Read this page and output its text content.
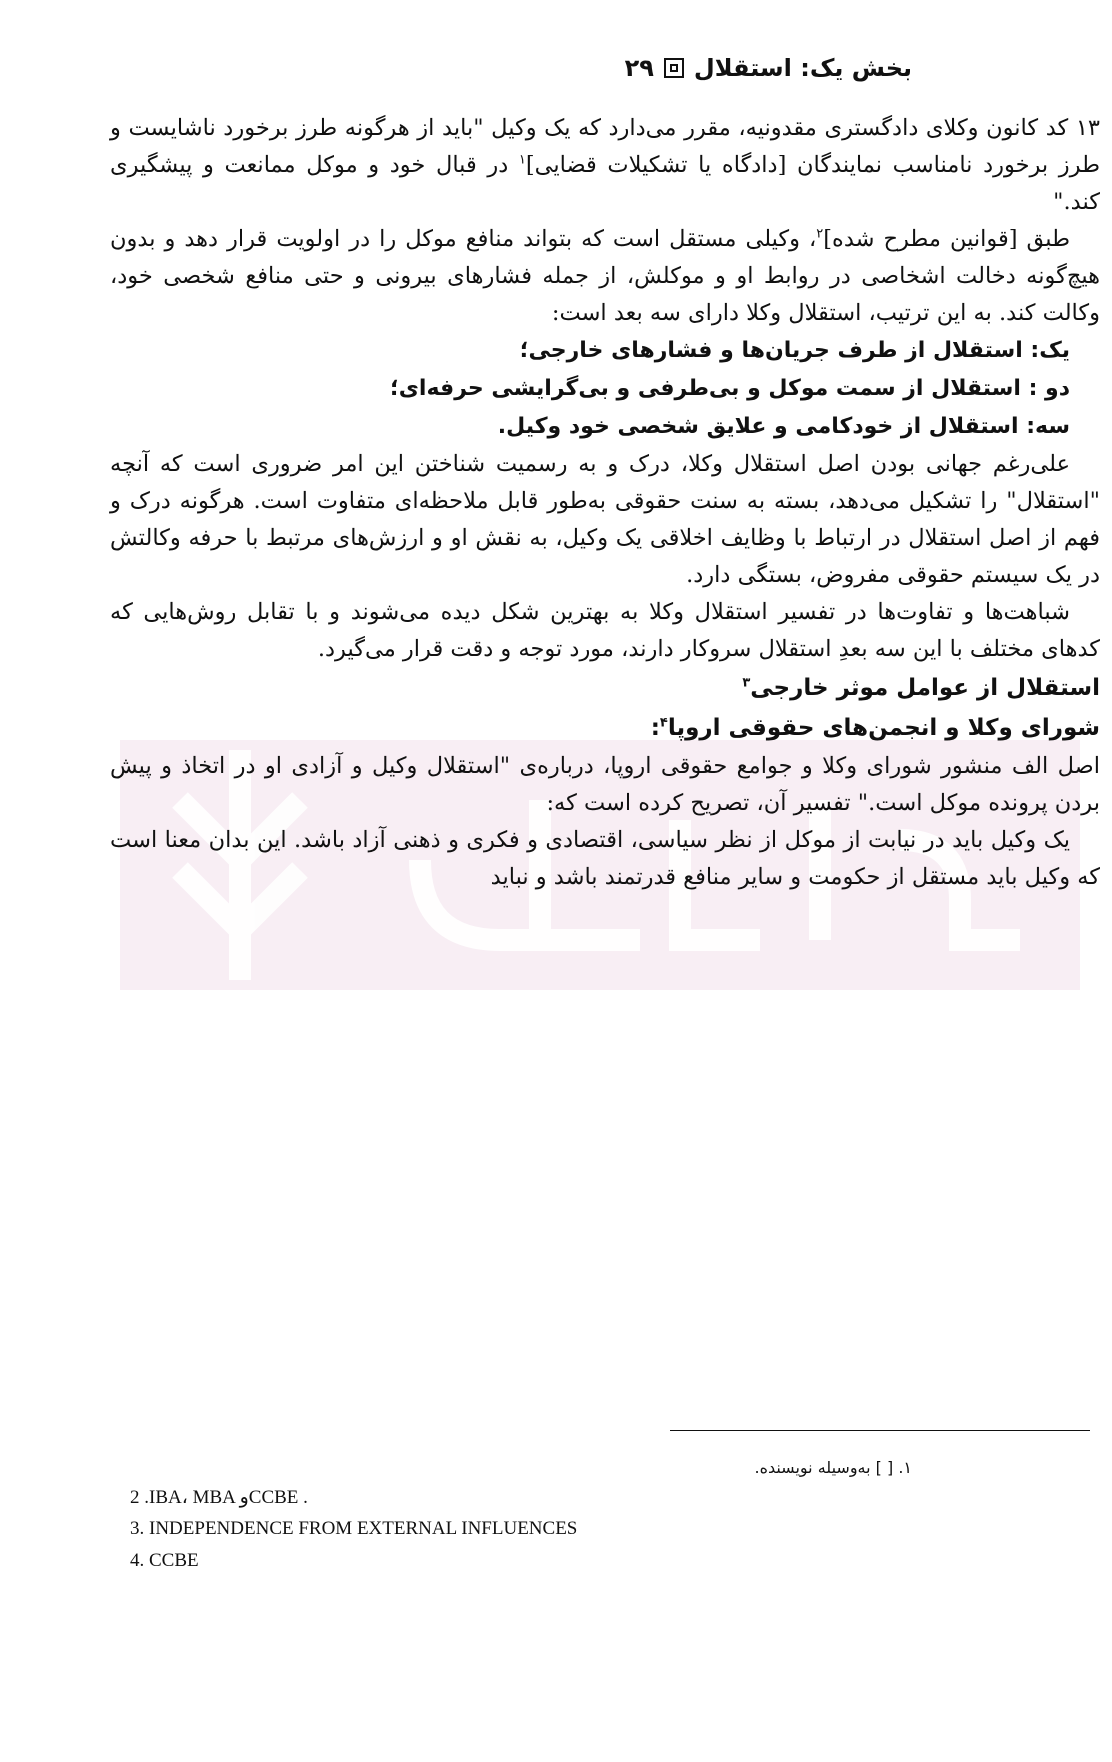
بخش یک: استقلال
۲۹

۱۳ کد کانون وکلای دادگستری مقدونیه، مقرر می‌دارد که یک وکیل "باید از هرگونه طرز برخورد ناشایست و طرز برخورد نامناسب نمایندگان [دادگاه یا تشکیلات قضایی]$^۱$ در قبال خود و موکل ممانعت و پیشگیری کند."

طبق [قوانین مطرح شده]$^۲$، وکیلی مستقل است که بتواند منافع موکل را در اولویت قرار دهد و بدون هیچ‌گونه دخالت اشخاصی در روابط او و موکلش، از جمله فشارهای بیرونی و حتی منافع شخصی خود، وکالت کند. به این ترتیب، استقلال وکلا دارای سه بعد است:

یک: استقلال از طرف جریان‌ها و فشارهای خارجی؛

دو : استقلال از سمت موکل و بی‌طرفی و بی‌گرایشی حرفه‌ای؛

سه: استقلال از خودکامی و علایق شخصی خود وکیل.

علی‌رغم جهانی بودن اصل استقلال وکلا، درک و به رسمیت شناختن این امر ضروری است که آنچه "استقلال" را تشکیل می‌دهد، بسته به سنت حقوقی به‌طور قابل ملاحظه‌ای متفاوت است. هرگونه درک و فهم از اصل استقلال در ارتباط با وظایف اخلاقی یک وکیل، به نقش او و ارزش‌های مرتبط با حرفه وکالتش در یک سیستم حقوقی مفروض، بستگی دارد.

شباهت‌ها و تفاوت‌ها در تفسیر استقلال وکلا به بهترین شکل دیده می‌شوند و با تقابل روش‌هایی که کدهای مختلف با این سه بعدِ استقلال سروکار دارند، مورد توجه و دقت قرار می‌گیرد.

استقلال از عوامل موثر خارجی$^۳$

شورای وکلا و انجمن‌های حقوقی اروپا$^۴$:

اصل الف منشور شورای وکلا و جوامع حقوقی اروپا، درباره‌ی "استقلال وکیل و آزادی او در اتخاذ و پیش بردن پرونده موکل است." تفسیر آن، تصریح کرده است که:

یک وکیل باید در نیابت از موکل از نظر سیاسی، اقتصادی و فکری و ذهنی آزاد باشد. این بدان معنا است که وکیل باید مستقل از حکومت و سایر منافع قدرتمند باشد و نباید

۱. [ ] به‌وسیله نویسنده.
2 .IBA، MBA وCCBE .
3. INDEPENDENCE FROM EXTERNAL INFLUENCES
4. CCBE
